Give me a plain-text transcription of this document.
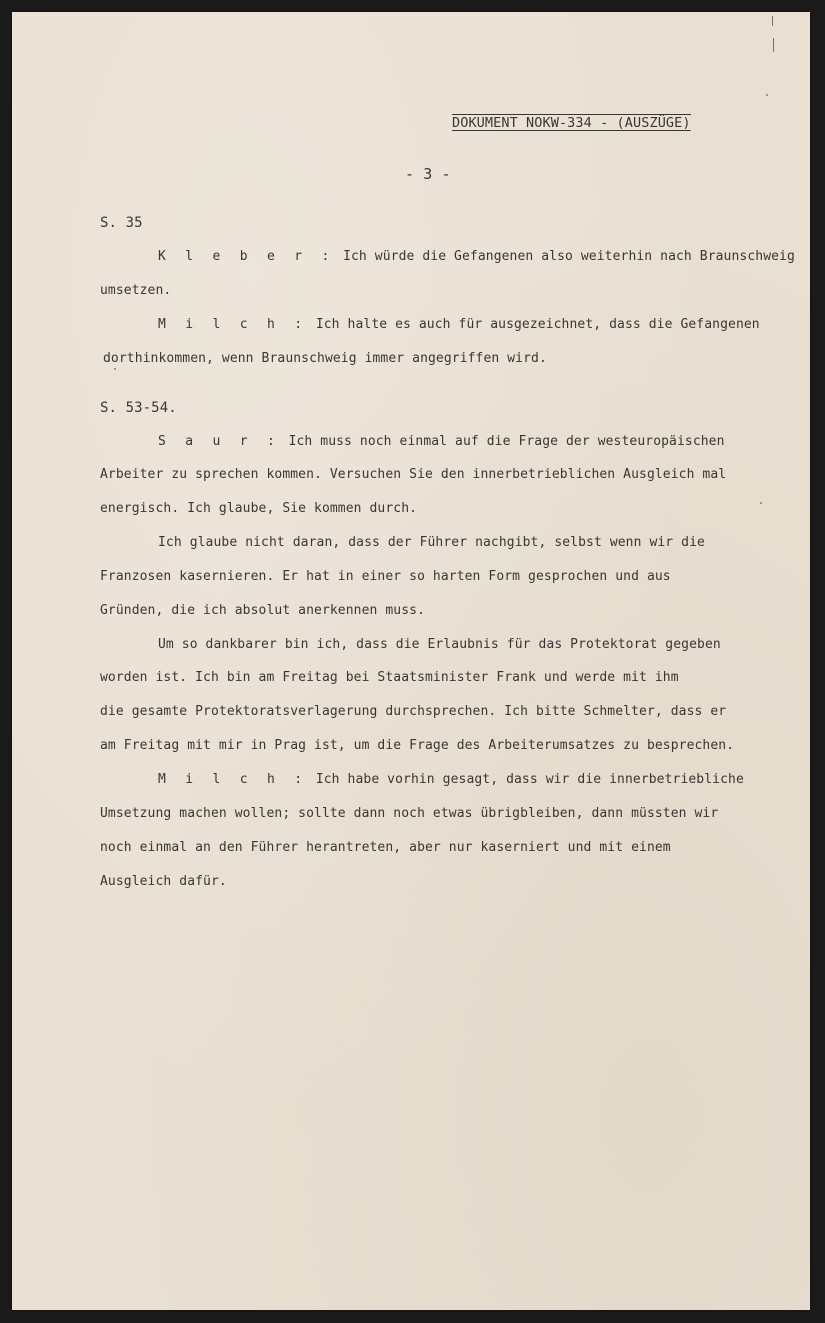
DOKUMENT NOKW-334 - (AUSZÜGE)
- 3 -
S. 35
K l e b e r : Ich würde die Gefangenen also weiterhin nach Braunschweig
umsetzen.
M i l c h : Ich halte es auch für ausgezeichnet, dass die Gefangenen
dorthinkommen, wenn Braunschweig immer angegriffen wird.
S. 53-54.
S a u r : Ich muss noch einmal auf die Frage der westeuropäischen
Arbeiter zu sprechen kommen. Versuchen Sie den innerbetrieblichen Ausgleich mal
energisch. Ich glaube, Sie kommen durch.
Ich glaube nicht daran, dass der Führer nachgibt, selbst wenn wir die
Franzosen kasernieren. Er hat in einer so harten Form gesprochen und aus
Gründen, die ich absolut anerkennen muss.
Um so dankbarer bin ich, dass die Erlaubnis für das Protektorat gegeben
worden ist. Ich bin am Freitag bei Staatsminister Frank und werde mit ihm
die gesamte Protektoratsverlagerung durchsprechen. Ich bitte Schmelter, dass er
am Freitag mit mir in Prag ist, um die Frage des Arbeiterumsatzes zu besprechen.
M i l c h : Ich habe vorhin gesagt, dass wir die innerbetriebliche
Umsetzung machen wollen; sollte dann noch etwas übrigbleiben, dann müssten wir
noch einmal an den Führer herantreten, aber nur kaserniert und mit einem
Ausgleich dafür.
